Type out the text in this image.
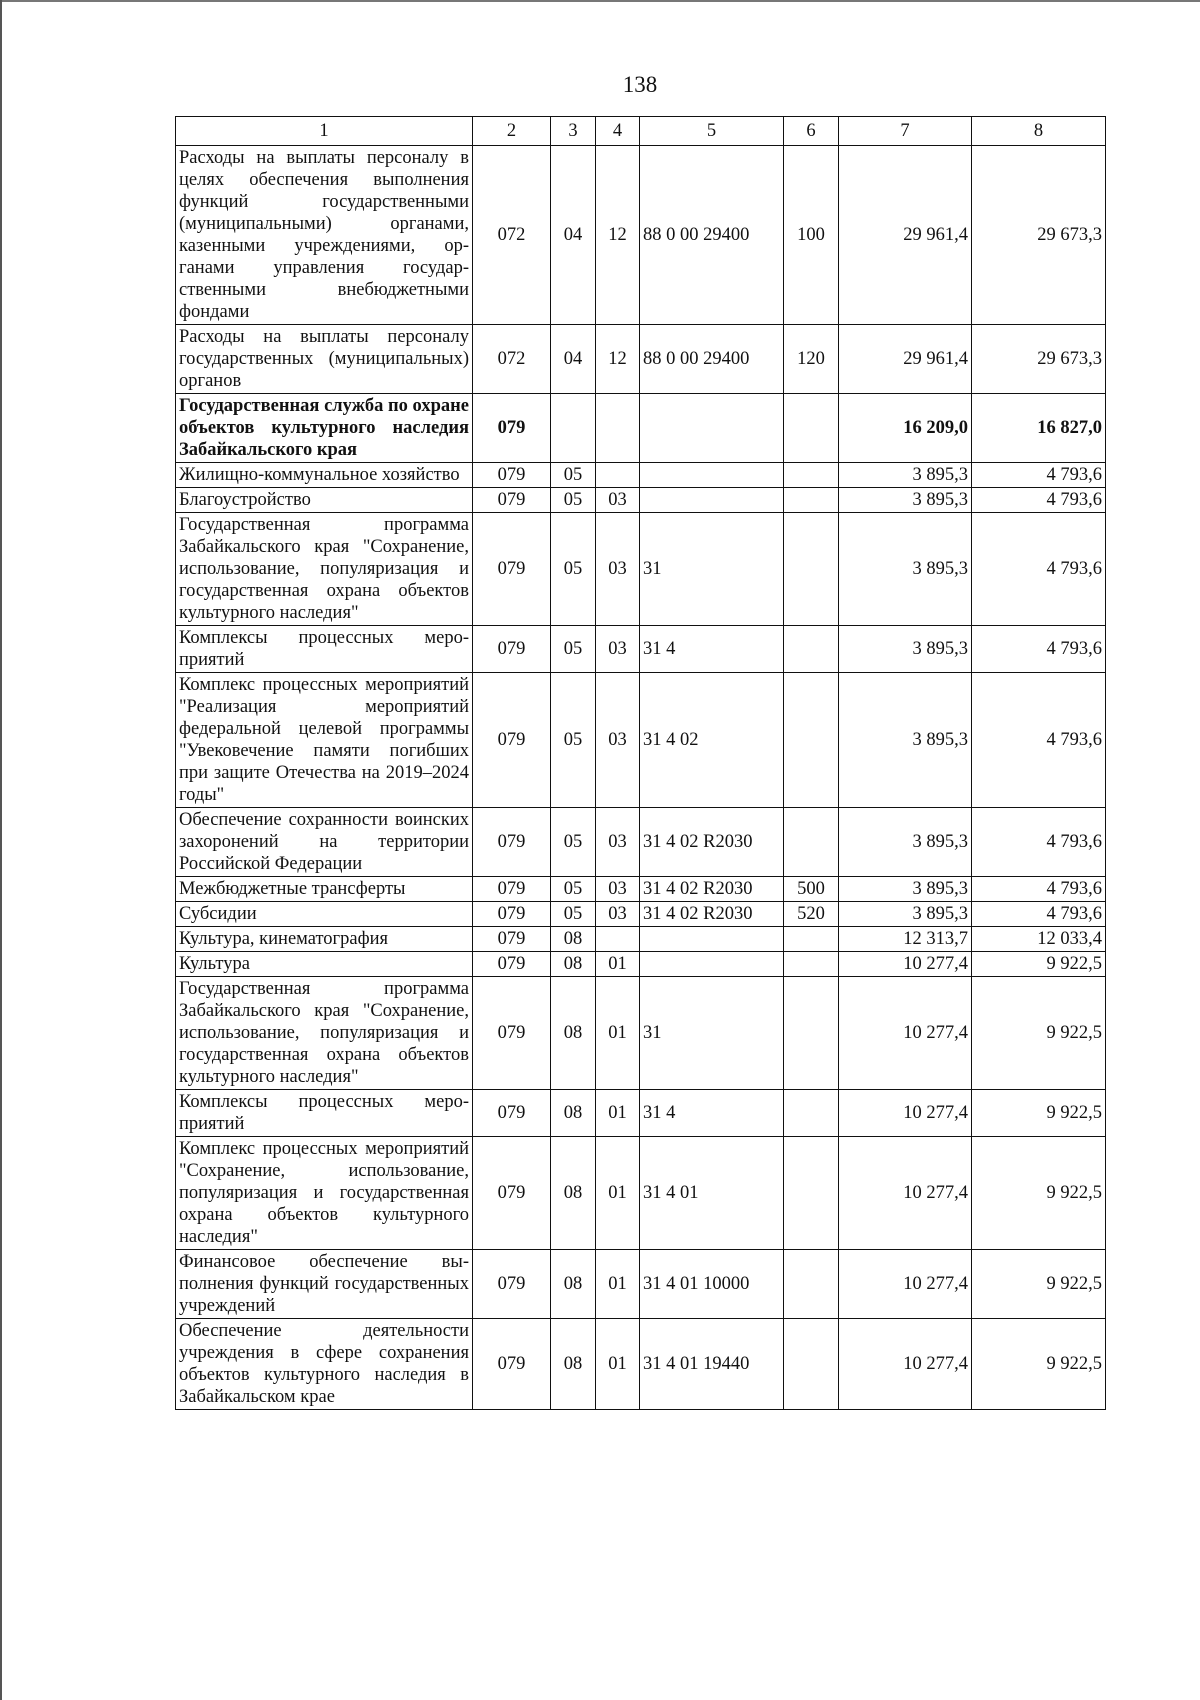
138
1	2	3	4	5	6	7	8
Расходы на выплаты персоналу в целях обеспечения выполнения функций государственными (муниципальными) органами, казенными учреждениями, органами управления государственными внебюджетными фондами	072	04	12	88 0 00 29400	100	29 961,4	29 673,3
Расходы на выплаты персоналу государственных (муниципальных) органов	072	04	12	88 0 00 29400	120	29 961,4	29 673,3
Государственная служба по охране объектов культурного наследия Забайкальского края	079					16 209,0	16 827,0
Жилищно-коммунальное хозяйство	079	05				3 895,3	4 793,6
Благоустройство	079	05	03			3 895,3	4 793,6
Государственная программа Забайкальского края "Сохранение, использование, популяризация и государственная охрана объектов культурного наследия"	079	05	03	31		3 895,3	4 793,6
Комплексы процессных мероприятий	079	05	03	31 4		3 895,3	4 793,6
Комплекс процессных мероприятий "Реализация мероприятий федеральной целевой программы "Увековечение памяти погибших при защите Отечества на 2019–2024 годы"	079	05	03	31 4 02		3 895,3	4 793,6
Обеспечение сохранности воинских захоронений на территории Российской Федерации	079	05	03	31 4 02 R2030		3 895,3	4 793,6
Межбюджетные трансферты	079	05	03	31 4 02 R2030	500	3 895,3	4 793,6
Субсидии	079	05	03	31 4 02 R2030	520	3 895,3	4 793,6
Культура, кинематография	079	08				12 313,7	12 033,4
Культура	079	08	01			10 277,4	9 922,5
Государственная программа Забайкальского края "Сохранение, использование, популяризация и государственная охрана объектов культурного наследия"	079	08	01	31		10 277,4	9 922,5
Комплексы процессных мероприятий	079	08	01	31 4		10 277,4	9 922,5
Комплекс процессных мероприятий "Сохранение, использование, популяризация и государственная охрана объектов культурного наследия"	079	08	01	31 4 01		10 277,4	9 922,5
Финансовое обеспечение выполнения функций государственных учреждений	079	08	01	31 4 01 10000		10 277,4	9 922,5
Обеспечение деятельности учреждения в сфере сохранения объектов культурного наследия в Забайкальском крае	079	08	01	31 4 01 19440		10 277,4	9 922,5
